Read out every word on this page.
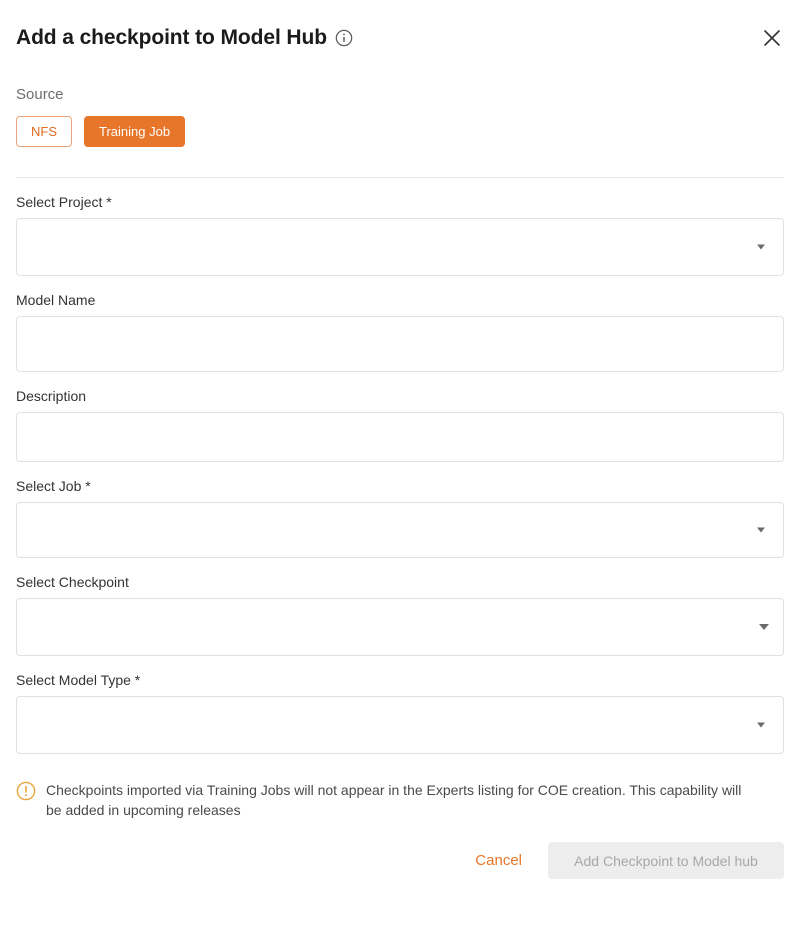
Add a checkpoint to Model Hub
Source
NFS	Training Job
Select Project *
Model Name
Description
Select Job *
Select Checkpoint
Select Model Type *
Checkpoints imported via Training Jobs will not appear in the Experts listing for COE creation. This capability will be added in upcoming releases
Cancel	Add Checkpoint to Model hub
